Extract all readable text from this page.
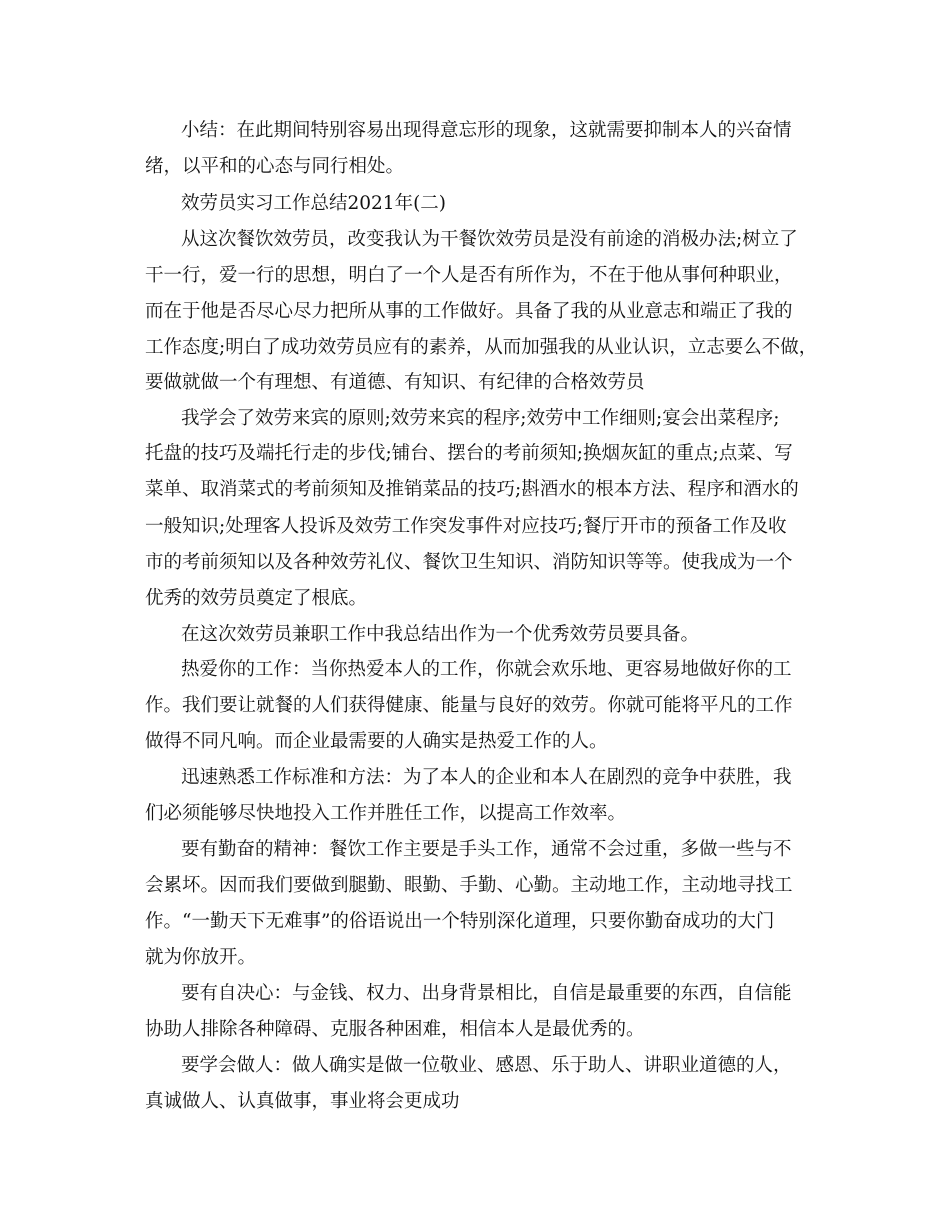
小结：在此期间特别容易出现得意忘形的现象，这就需要抑制本人的兴奋情
绪，以平和的心态与同行相处。
效劳员实习工作总结2021年(二)
从这次餐饮效劳员，改变我认为干餐饮效劳员是没有前途的消极办法;树立了
干一行，爱一行的思想，明白了一个人是否有所作为，不在于他从事何种职业，
而在于他是否尽心尽力把所从事的工作做好。具备了我的从业意志和端正了我的
工作态度;明白了成功效劳员应有的素养，从而加强我的从业认识，立志要么不做，
要做就做一个有理想、有道德、有知识、有纪律的合格效劳员
我学会了效劳来宾的原则;效劳来宾的程序;效劳中工作细则;宴会出菜程序;
托盘的技巧及端托行走的步伐;铺台、摆台的考前须知;换烟灰缸的重点;点菜、写
菜单、取消菜式的考前须知及推销菜品的技巧;斟酒水的根本方法、程序和酒水的
一般知识;处理客人投诉及效劳工作突发事件对应技巧;餐厅开市的预备工作及收
市的考前须知以及各种效劳礼仪、餐饮卫生知识、消防知识等等。使我成为一个
优秀的效劳员奠定了根底。
在这次效劳员兼职工作中我总结出作为一个优秀效劳员要具备。
热爱你的工作：当你热爱本人的工作，你就会欢乐地、更容易地做好你的工
作。我们要让就餐的人们获得健康、能量与良好的效劳。你就可能将平凡的工作
做得不同凡响。而企业最需要的人确实是热爱工作的人。
迅速熟悉工作标准和方法：为了本人的企业和本人在剧烈的竞争中获胜，我
们必须能够尽快地投入工作并胜任工作，以提高工作效率。
要有勤奋的精神：餐饮工作主要是手头工作，通常不会过重，多做一些与不
会累坏。因而我们要做到腿勤、眼勤、手勤、心勤。主动地工作，主动地寻找工
作。“一勤天下无难事”的俗语说出一个特别深化道理，只要你勤奋成功的大门
就为你放开。
要有自决心：与金钱、权力、出身背景相比，自信是最重要的东西，自信能
协助人排除各种障碍、克服各种困难，相信本人是最优秀的。
要学会做人：做人确实是做一位敬业、感恩、乐于助人、讲职业道德的人，
真诚做人、认真做事，事业将会更成功
